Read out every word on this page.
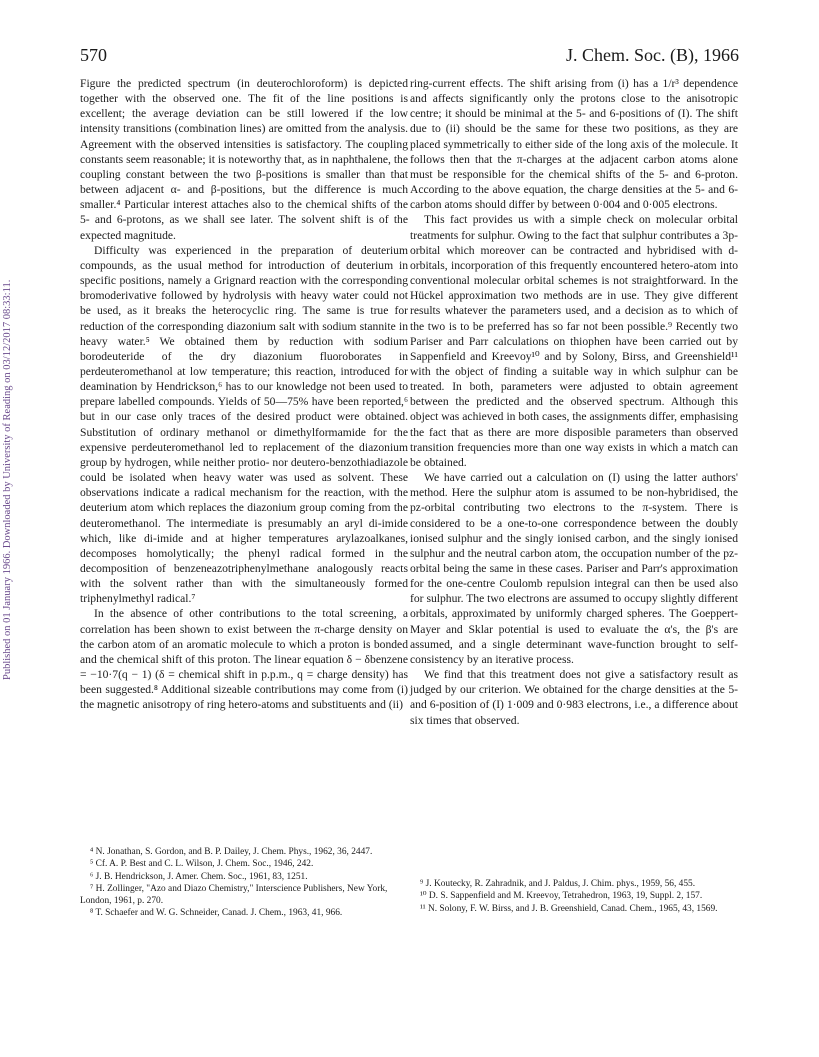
Published on 01 January 1966. Downloaded by University of Reading on 03/12/2017 08:33:11.
570	J. Chem. Soc. (B), 1966

Figure the predicted spectrum (in deuterochloroform) is depicted together with the observed one. The fit of the line positions is excellent; the average deviation can be still lowered if the low intensity transitions (combination lines) are omitted from the analysis. Agreement with the observed intensities is satisfactory. The coupling constants seem reasonable; it is noteworthy that, as in naphthalene, the coupling constant between the two β-positions is smaller than that between adjacent α- and β-positions, but the difference is much smaller.⁴ Particular interest attaches also to the chemical shifts of the 5- and 6-protons, as we shall see later. The solvent shift is of the expected magnitude.

Difficulty was experienced in the preparation of deuterium compounds, as the usual method for introduction of deuterium in specific positions, namely a Grignard reaction with the corresponding bromoderivative followed by hydrolysis with heavy water could not be used, as it breaks the heterocyclic ring. The same is true for reduction of the corresponding diazonium salt with sodium stannite in heavy water.⁵ We obtained them by reduction with sodium borodeuteride of the dry diazonium fluoroborates in perdeuteromethanol at low temperature; this reaction, introduced for deamination by Hendrickson,⁶ has to our knowledge not been used to prepare labelled compounds. Yields of 50—75% have been reported,⁶ but in our case only traces of the desired product were obtained. Substitution of ordinary methanol or dimethylformamide for the expensive perdeuteromethanol led to replacement of the diazonium group by hydrogen, while neither protio- nor deutero-benzothiadiazole could be isolated when heavy water was used as solvent. These observations indicate a radical mechanism for the reaction, with the deuterium atom which replaces the diazonium group coming from the deuteromethanol. The intermediate is presumably an aryl di-imide which, like di-imide and at higher temperatures arylazoalkanes, decomposes homolytically; the phenyl radical formed in the decomposition of benzeneazotriphenylmethane analogously reacts with the solvent rather than with the simultaneously formed triphenylmethyl radical.⁷

In the absence of other contributions to the total screening, a correlation has been shown to exist between the π-charge density on the carbon atom of an aromatic molecule to which a proton is bonded and the chemical shift of this proton. The linear equation δ − δbenzene = −10·7(q − 1) (δ = chemical shift in p.p.m., q = charge density) has been suggested.⁸ Additional sizeable contributions may come from (i) the magnetic anisotropy of ring hetero-atoms and substituents and (ii)

ring-current effects. The shift arising from (i) has a 1/r³ dependence and affects significantly only the protons close to the anisotropic centre; it should be minimal at the 5- and 6-positions of (I). The shift due to (ii) should be the same for these two positions, as they are placed symmetrically to either side of the long axis of the molecule. It follows then that the π-charges at the adjacent carbon atoms alone must be responsible for the chemical shifts of the 5- and 6-proton. According to the above equation, the charge densities at the 5- and 6-carbon atoms should differ by between 0·004 and 0·005 electrons.

This fact provides us with a simple check on molecular orbital treatments for sulphur. Owing to the fact that sulphur contributes a 3p-orbital which moreover can be contracted and hybridised with d-orbitals, incorporation of this frequently encountered hetero-atom into conventional molecular orbital schemes is not straightforward. In the Hückel approximation two methods are in use. They give different results whatever the parameters used, and a decision as to which of the two is to be preferred has so far not been possible.⁹ Recently two Pariser and Parr calculations on thiophen have been carried out by Sappenfield and Kreevoy¹⁰ and by Solony, Birss, and Greenshield¹¹ with the object of finding a suitable way in which sulphur can be treated. In both, parameters were adjusted to obtain agreement between the predicted and the observed spectrum. Although this object was achieved in both cases, the assignments differ, emphasising the fact that as there are more disposible parameters than observed transition frequencies more than one way exists in which a match can be obtained.

We have carried out a calculation on (I) using the latter authors' method. Here the sulphur atom is assumed to be non-hybridised, the pz-orbital contributing two electrons to the π-system. There is considered to be a one-to-one correspondence between the doubly ionised sulphur and the singly ionised carbon, and the singly ionised sulphur and the neutral carbon atom, the occupation number of the pz-orbital being the same in these cases. Pariser and Parr's approximation for the one-centre Coulomb repulsion integral can then be used also for sulphur. The two electrons are assumed to occupy slightly different orbitals, approximated by uniformly charged spheres. The Goeppert-Mayer and Sklar potential is used to evaluate the α's, the β's are assumed, and a single determinant wave-function brought to self-consistency by an iterative process.

We find that this treatment does not give a satisfactory result as judged by our criterion. We obtained for the charge densities at the 5- and 6-position of (I) 1·009 and 0·983 electrons, i.e., a difference about six times that observed.

⁴ N. Jonathan, S. Gordon, and B. P. Dailey, J. Chem. Phys., 1962, 36, 2447.
⁵ Cf. A. P. Best and C. L. Wilson, J. Chem. Soc., 1946, 242.
⁶ J. B. Hendrickson, J. Amer. Chem. Soc., 1961, 83, 1251.
⁷ H. Zollinger, "Azo and Diazo Chemistry," Interscience Publishers, New York, London, 1961, p. 270.
⁸ T. Schaefer and W. G. Schneider, Canad. J. Chem., 1963, 41, 966.
⁹ J. Koutecky, R. Zahradnik, and J. Paldus, J. Chim. phys., 1959, 56, 455.
¹⁰ D. S. Sappenfield and M. Kreevoy, Tetrahedron, 1963, 19, Suppl. 2, 157.
¹¹ N. Solony, F. W. Birss, and J. B. Greenshield, Canad. Chem., 1965, 43, 1569.
